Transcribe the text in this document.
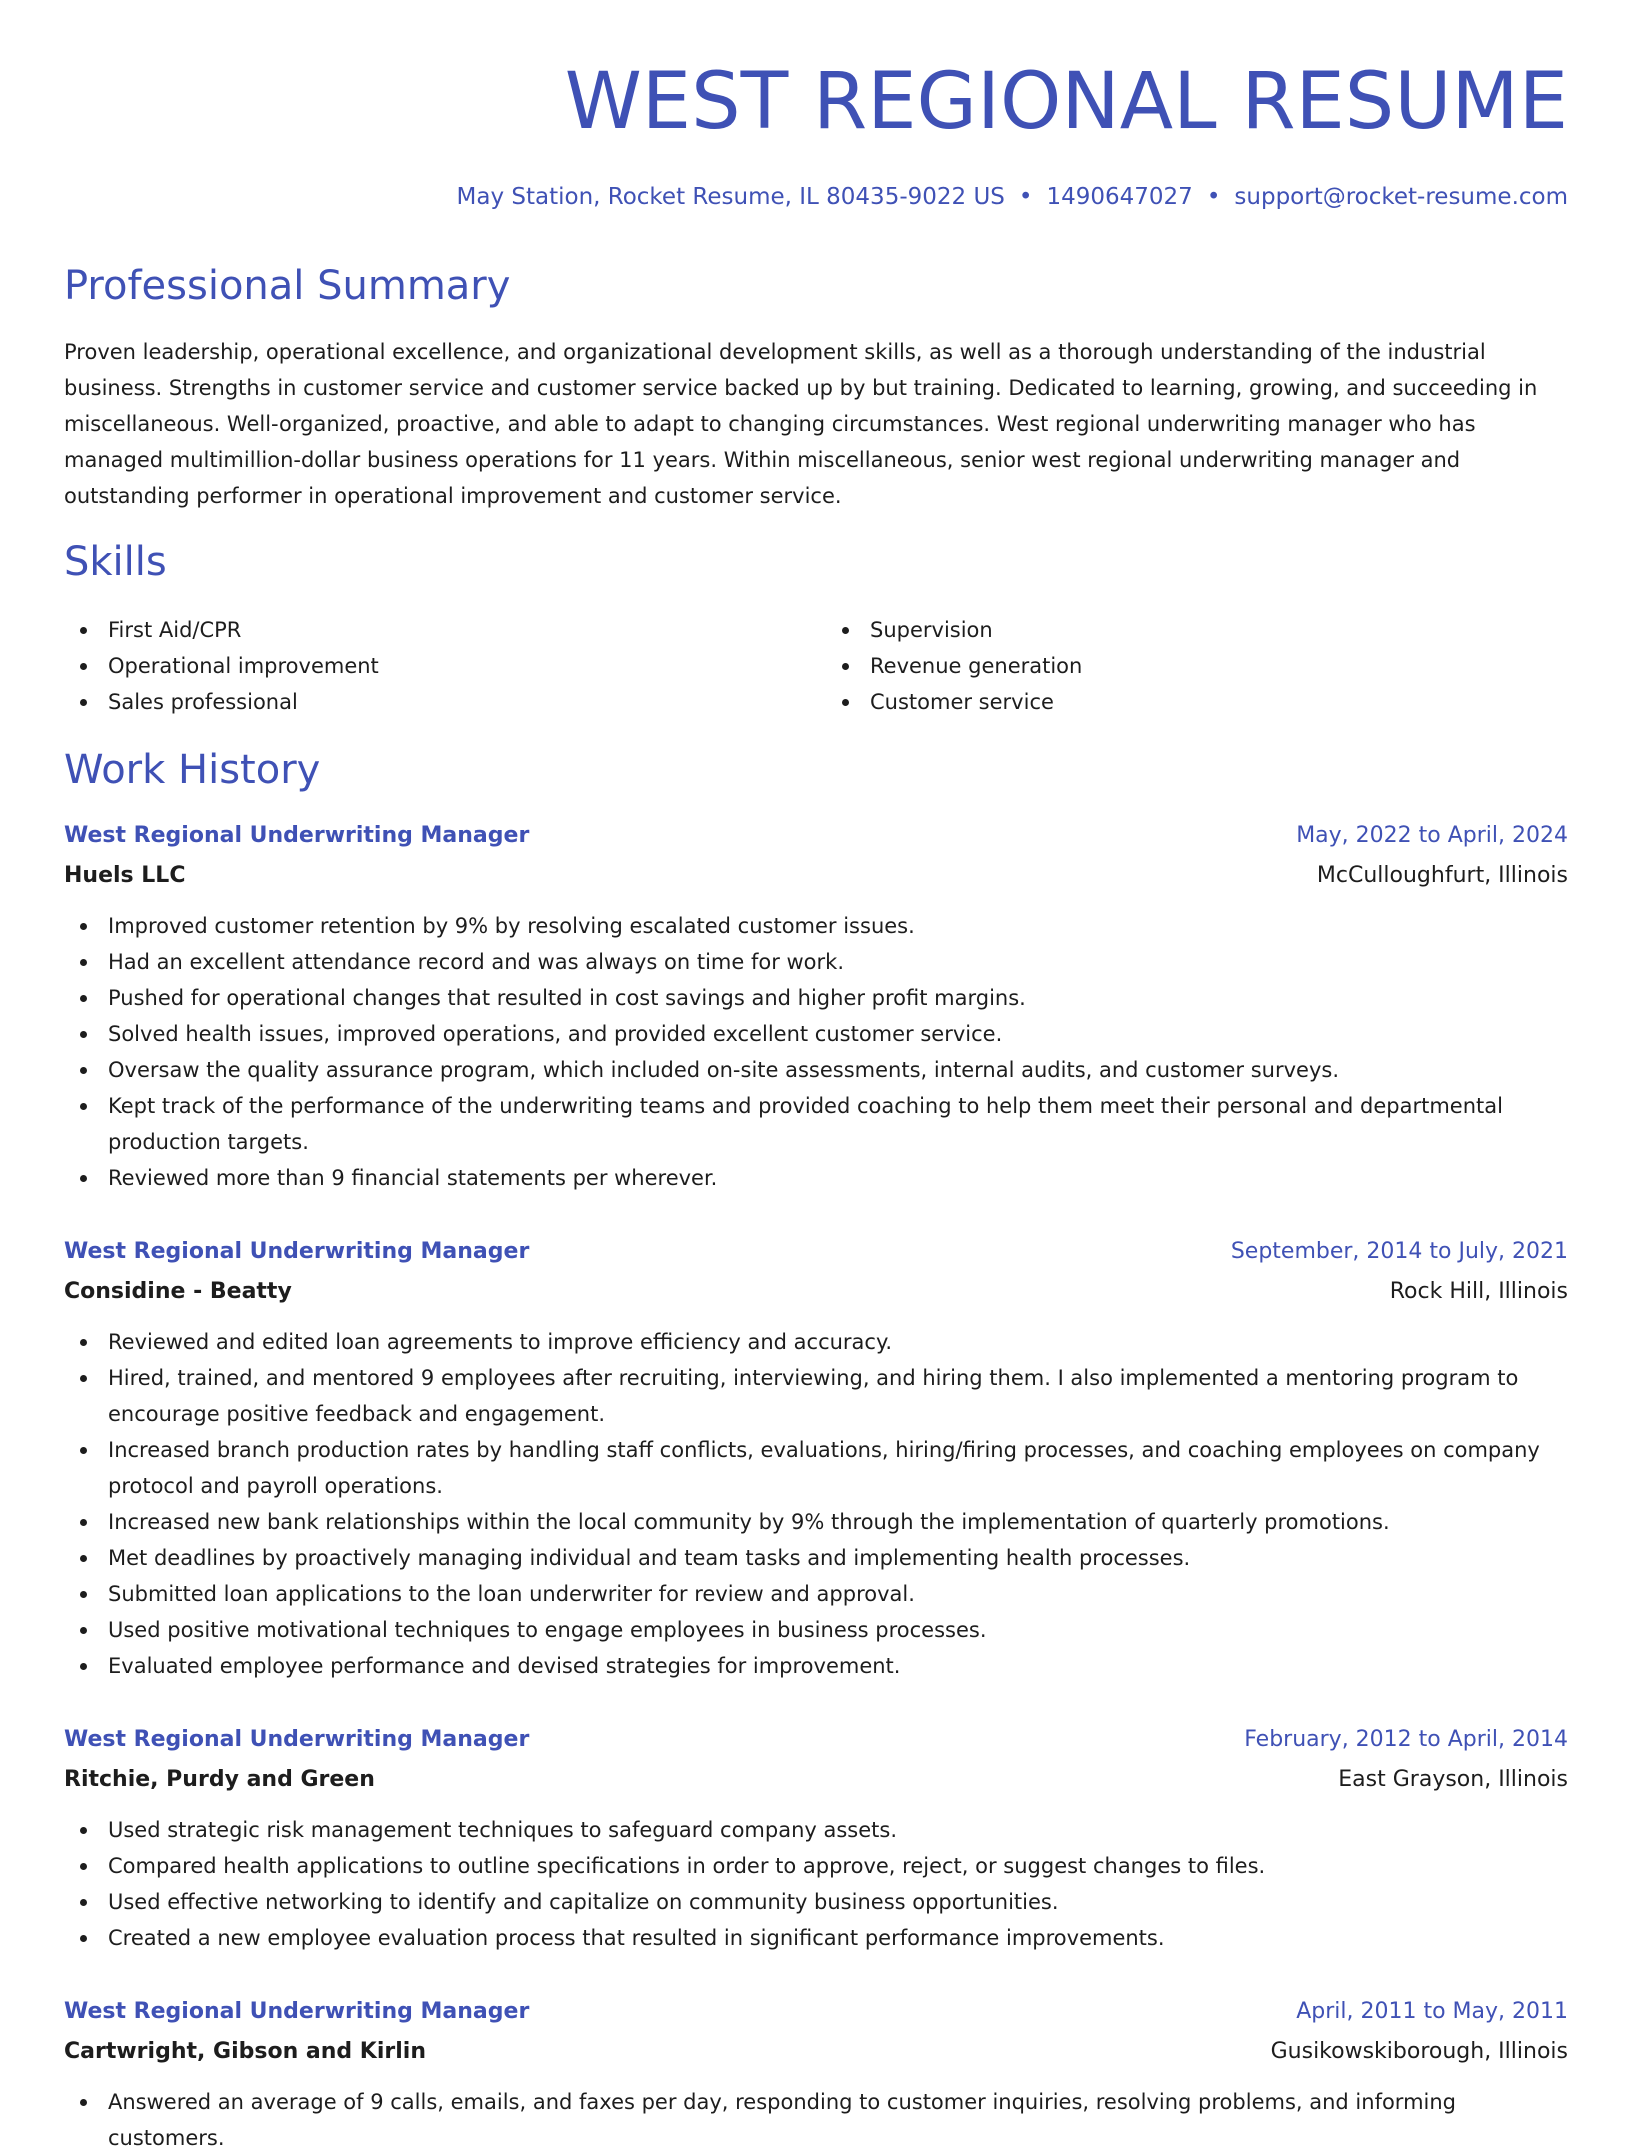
WEST REGIONAL RESUME
May Station, Rocket Resume, IL 80435-9022 US • 1490647027 • support@rocket-resume.com
Professional Summary

Proven leadership, operational excellence, and organizational development skills, as well as a thorough understanding of the industrial business. Strengths in customer service and customer service backed up by but training. Dedicated to learning, growing, and succeeding in miscellaneous. Well-organized, proactive, and able to adapt to changing circumstances. West regional underwriting manager who has managed multimillion-dollar business operations for 11 years. Within miscellaneous, senior west regional underwriting manager and outstanding performer in operational improvement and customer service.

Skills
First Aid/CPR	Supervision
Operational improvement	Revenue generation
Sales professional	Customer service
Work History
West Regional Underwriting Manager	May, 2022 to April, 2024
Huels LLC	McCulloughfurt, Illinois
Improved customer retention by 9% by resolving escalated customer issues.
Had an excellent attendance record and was always on time for work.
Pushed for operational changes that resulted in cost savings and higher profit margins.
Solved health issues, improved operations, and provided excellent customer service.
Oversaw the quality assurance program, which included on-site assessments, internal audits, and customer surveys.
Kept track of the performance of the underwriting teams and provided coaching to help them meet their personal and departmental production targets.
Reviewed more than 9 financial statements per wherever.
West Regional Underwriting Manager	September, 2014 to July, 2021
Considine - Beatty	Rock Hill, Illinois
Reviewed and edited loan agreements to improve efficiency and accuracy.
Hired, trained, and mentored 9 employees after recruiting, interviewing, and hiring them. I also implemented a mentoring program to encourage positive feedback and engagement.
Increased branch production rates by handling staff conflicts, evaluations, hiring/firing processes, and coaching employees on company protocol and payroll operations.
Increased new bank relationships within the local community by 9% through the implementation of quarterly promotions.
Met deadlines by proactively managing individual and team tasks and implementing health processes.
Submitted loan applications to the loan underwriter for review and approval.
Used positive motivational techniques to engage employees in business processes.
Evaluated employee performance and devised strategies for improvement.
West Regional Underwriting Manager	February, 2012 to April, 2014
Ritchie, Purdy and Green	East Grayson, Illinois
Used strategic risk management techniques to safeguard company assets.
Compared health applications to outline specifications in order to approve, reject, or suggest changes to files.
Used effective networking to identify and capitalize on community business opportunities.
Created a new employee evaluation process that resulted in significant performance improvements.
West Regional Underwriting Manager	April, 2011 to May, 2011
Cartwright, Gibson and Kirlin	Gusikowskiborough, Illinois
Answered an average of 9 calls, emails, and faxes per day, responding to customer inquiries, resolving problems, and informing customers.
